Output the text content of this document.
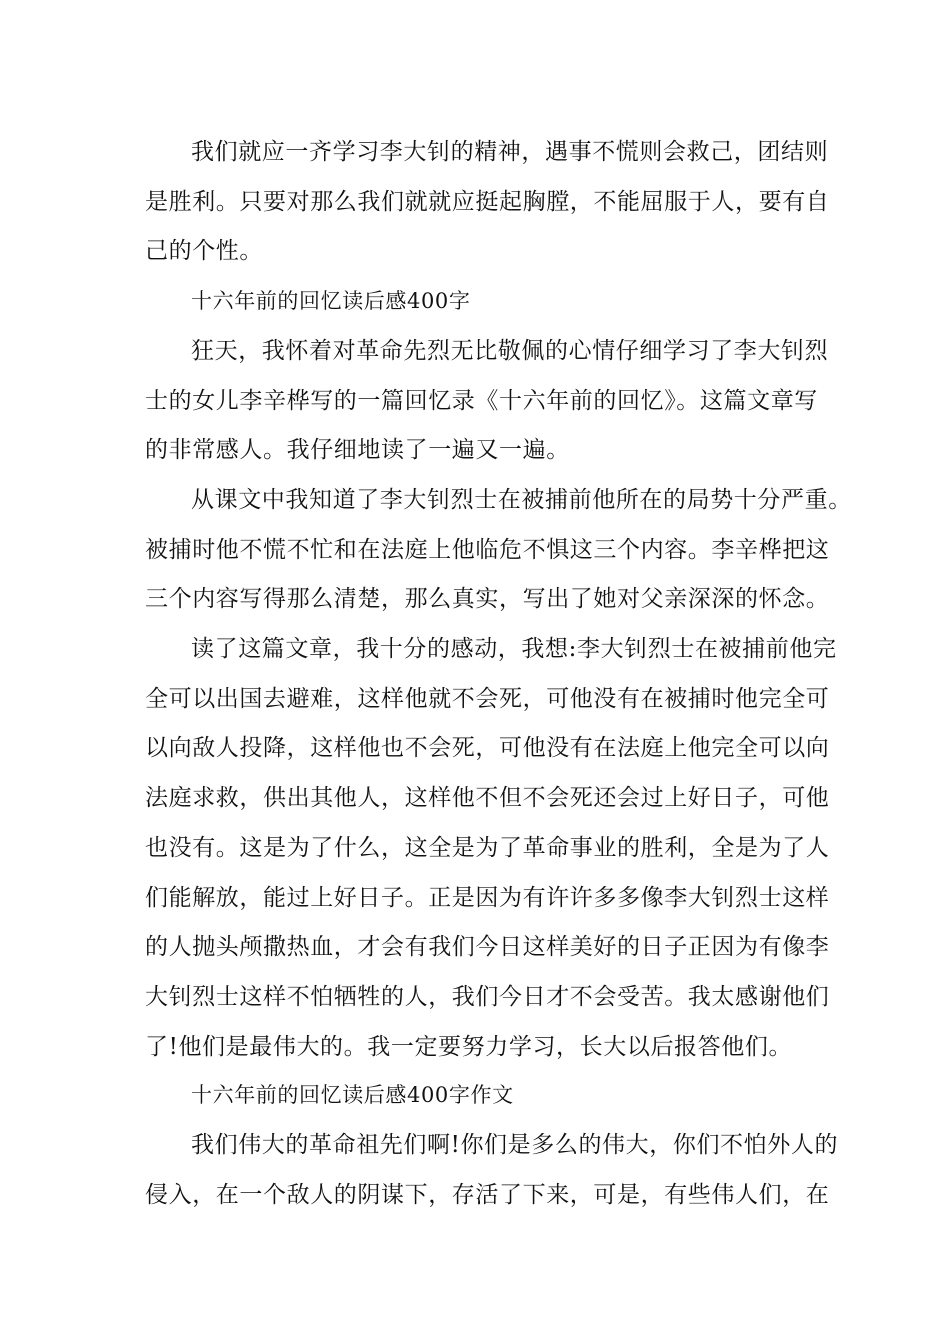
我们就应一齐学习李大钊的精神，遇事不慌则会救己，团结则
是胜利。只要对那么我们就就应挺起胸膛，不能屈服于人，要有自
己的个性。
十六年前的回忆读后感400字
狂天，我怀着对革命先烈无比敬佩的心情仔细学习了李大钊烈
士的女儿李辛桦写的一篇回忆录《十六年前的回忆》。这篇文章写
的非常感人。我仔细地读了一遍又一遍。
从课文中我知道了李大钊烈士在被捕前他所在的局势十分严重。
被捕时他不慌不忙和在法庭上他临危不惧这三个内容。李辛桦把这
三个内容写得那么清楚，那么真实，写出了她对父亲深深的怀念。
读了这篇文章，我十分的感动，我想:李大钊烈士在被捕前他完
全可以出国去避难，这样他就不会死，可他没有在被捕时他完全可
以向敌人投降，这样他也不会死，可他没有在法庭上他完全可以向
法庭求救，供出其他人，这样他不但不会死还会过上好日子，可他
也没有。这是为了什么，这全是为了革命事业的胜利，全是为了人
们能解放，能过上好日子。正是因为有许许多多像李大钊烈士这样
的人抛头颅撒热血，才会有我们今日这样美好的日子正因为有像李
大钊烈士这样不怕牺牲的人，我们今日才不会受苦。我太感谢他们
了!他们是最伟大的。我一定要努力学习，长大以后报答他们。
十六年前的回忆读后感400字作文
我们伟大的革命祖先们啊!你们是多么的伟大，你们不怕外人的
侵入，在一个敌人的阴谋下，存活了下来，可是，有些伟人们，在
